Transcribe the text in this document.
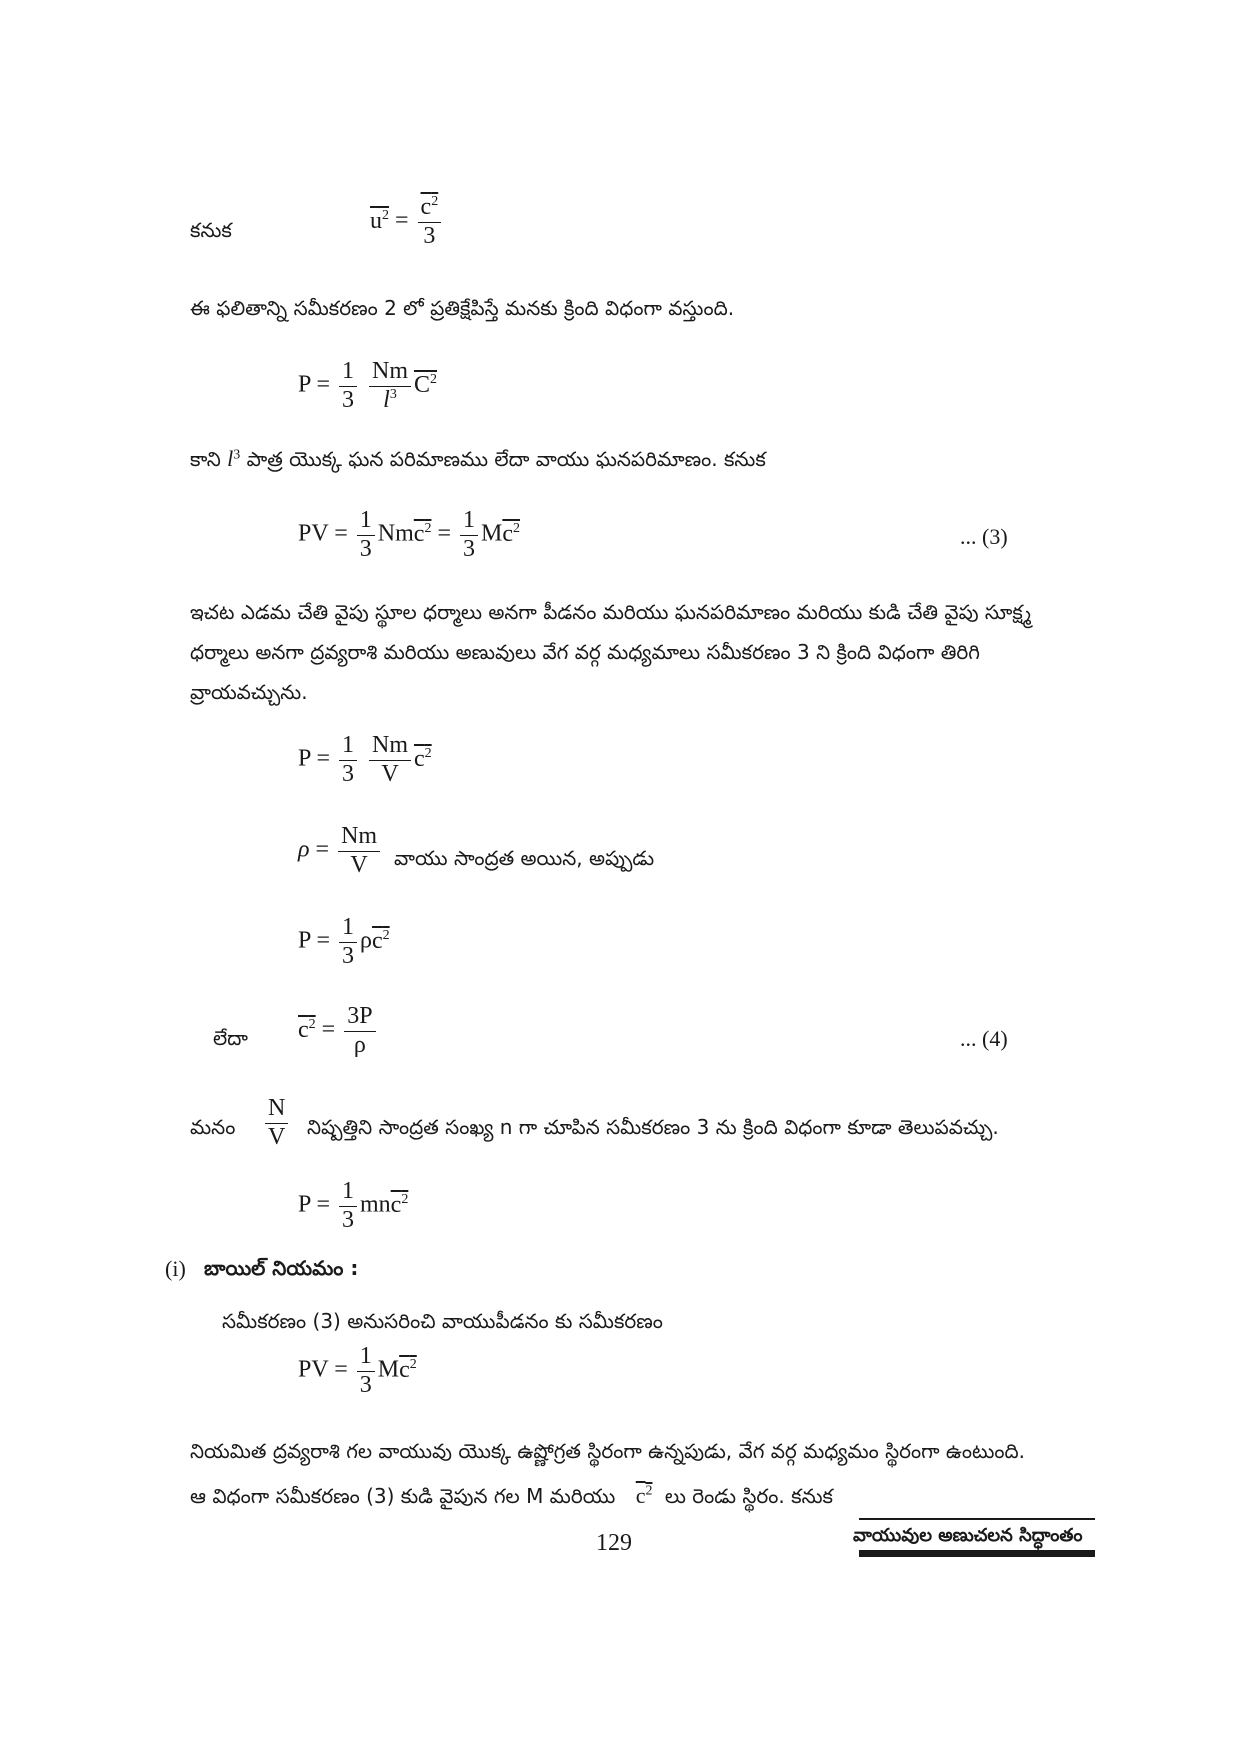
కనుక	$u^2 = \frac{c^2}{3}$
ఈ ఫలితాన్ని సమీకరణం 2 లో ప్రతిక్షేపిస్తే మనకు క్రింది విధంగా వస్తుంది.
$P = \frac{1}{3}$
$\frac{Nm}{l^3} C^2$
కాని $l^3$ పాత్ర యొక్క ఘన పరిమాణము లేదా వాయు ఘనపరిమాణం. కనుక
PV = $\frac{1}{3} Nmc^2 = \frac{1}{3} Mc^2$	... (3)
ఇచట ఎడమ చేతి వైపు స్థూల ధర్మాలు అనగా పీడనం మరియు ఘనపరిమాణం మరియు కుడి చేతి వైపు సూక్ష్మ ధర్మాలు అనగా ద్రవ్యరాశి మరియు అణువులు వేగ వర్గ మధ్యమాలు సమీకరణం 3 ని క్రింది విధంగా తిరిగి వ్రాయవచ్చును.
$P = \frac{1}{3}$
$\frac{Nm}{V} c^2$
$\rho = \frac{Nm}{V}$ వాయు సాంద్రత అయిన, అప్పుడు
$P = \frac{1}{3} \rho c^2$
లేదా $c^2 = \frac{3P}{\rho}$	... (4)
మనం $\frac{N}{V}$ నిష్పత్తిని సాంద్రత సంఖ్య n గా చూపిన సమీకరణం 3 ను క్రింది విధంగా కూడా తెలుపవచ్చు.
$P = \frac{1}{3} mnc^2$
(i) బాయిల్ నియమం :
సమీకరణం (3) అనుసరించి వాయుపీడనం కు సమీకరణం
PV = $\frac{1}{3} Mc^2$
నియమిత ద్రవ్యరాశి గల వాయువు యొక్క ఉష్ణోగ్రత స్థిరంగా ఉన్నపుడు, వేగ వర్గ మధ్యమం స్థిరంగా ఉంటుంది.
ఆ విధంగా సమీకరణం (3) కుడి వైపున గల M మరియు $c^2$ లు రెండు స్థిరం. కనుక
129	వాయువుల అణుచలన సిద్ధాంతం
